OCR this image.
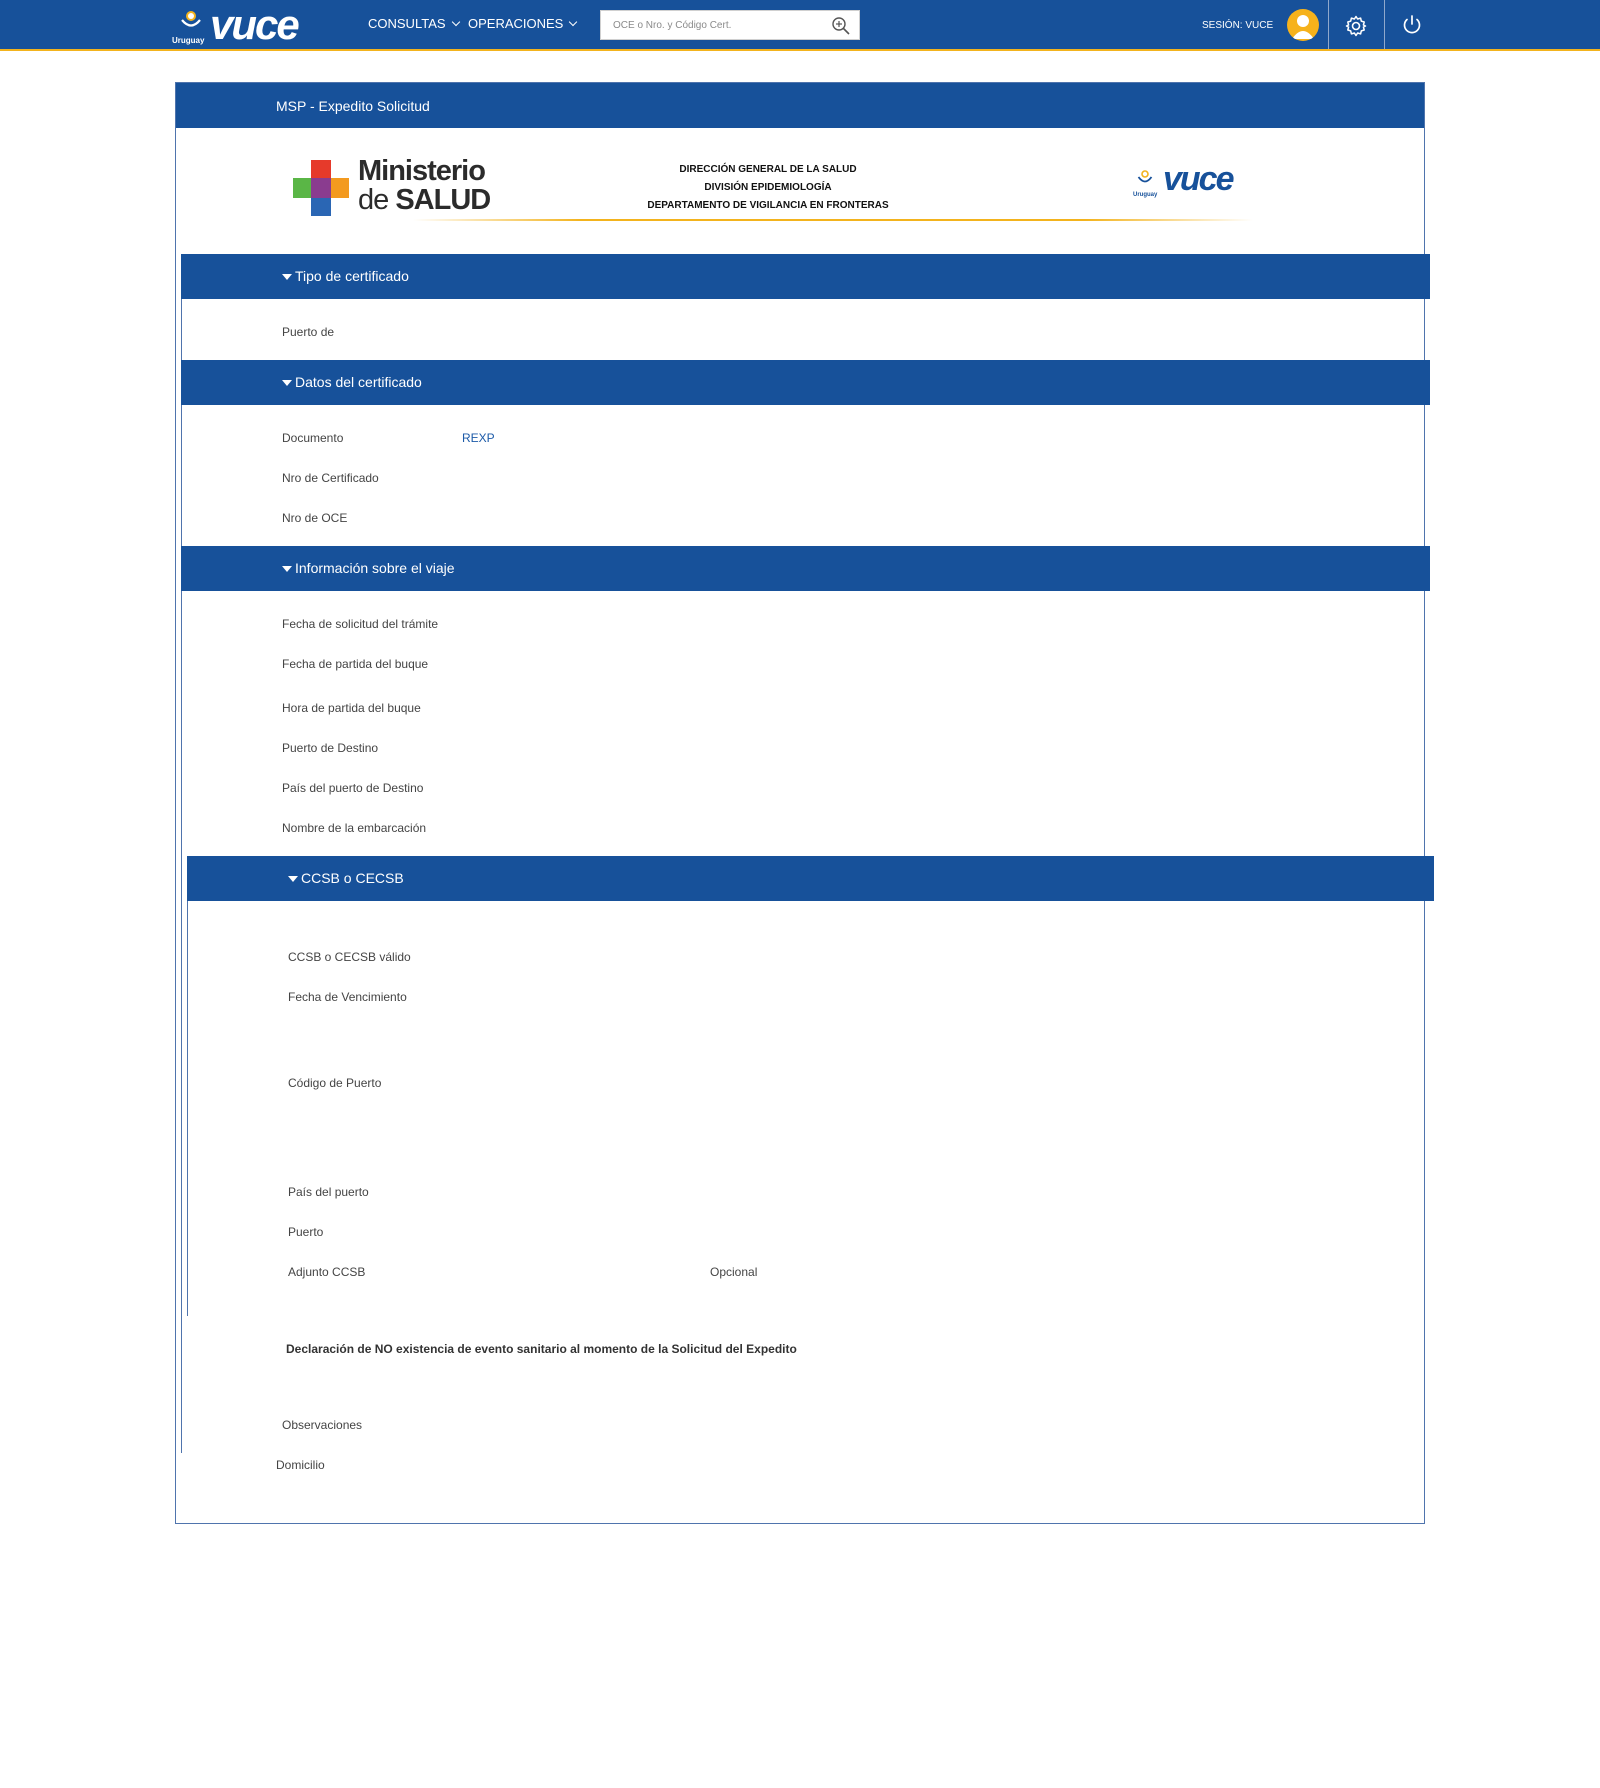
Uruguay vuce	CONSULTAS	OPERACIONES
OCE o Nro. y Código Cert.	SESIÓN: VUCE
MSP - Expedito Solicitud
Ministerio
de SALUD
DIRECCIÓN GENERAL DE LA SALUD
DIVISIÓN EPIDEMIOLOGÍA
DEPARTAMENTO DE VIGILANCIA EN FRONTERAS
Uruguay vuce
Tipo de certificado
Puerto de
Datos del certificado
Documento	REXP
Nro de Certificado
Nro de OCE
Información sobre el viaje
Fecha de solicitud del trámite
Fecha de partida del buque
Hora de partida del buque
Puerto de Destino
País del puerto de Destino
Nombre de la embarcación
CCSB o CECSB
CCSB o CECSB válido
Fecha de Vencimiento
Código de Puerto
País del puerto
Puerto
Adjunto CCSB	Opcional
Declaración de NO existencia de evento sanitario al momento de la Solicitud del Expedito
Observaciones
Domicilio
